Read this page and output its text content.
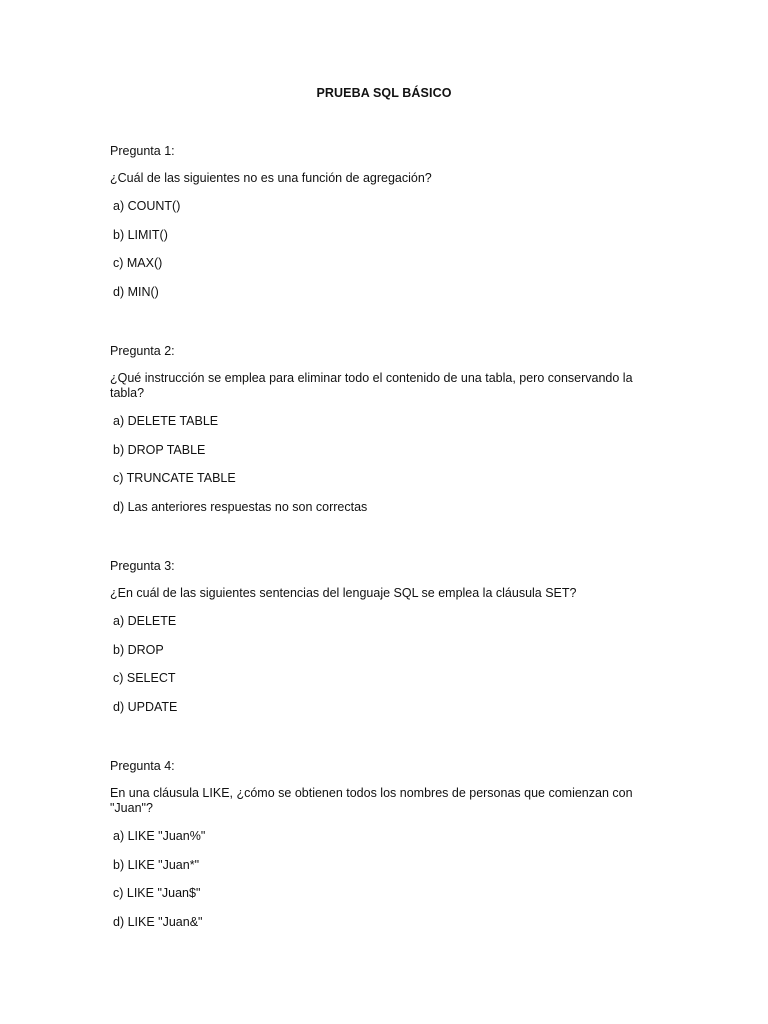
PRUEBA SQL BÁSICO
Pregunta 1:
¿Cuál de las siguientes no es una función de agregación?
a) COUNT()
b) LIMIT()
c) MAX()
d) MIN()
Pregunta 2:
¿Qué instrucción se emplea para eliminar todo el contenido de una tabla, pero conservando la tabla?
a) DELETE TABLE
b) DROP TABLE
c) TRUNCATE TABLE
d) Las anteriores respuestas no son correctas
Pregunta 3:
¿En cuál de las siguientes sentencias del lenguaje SQL se emplea la cláusula SET?
a) DELETE
b) DROP
c) SELECT
d) UPDATE
Pregunta 4:
En una cláusula LIKE, ¿cómo se obtienen todos los nombres de personas que comienzan con "Juan"?
a) LIKE "Juan%"
b) LIKE "Juan*"
c) LIKE "Juan$"
d) LIKE "Juan&"
